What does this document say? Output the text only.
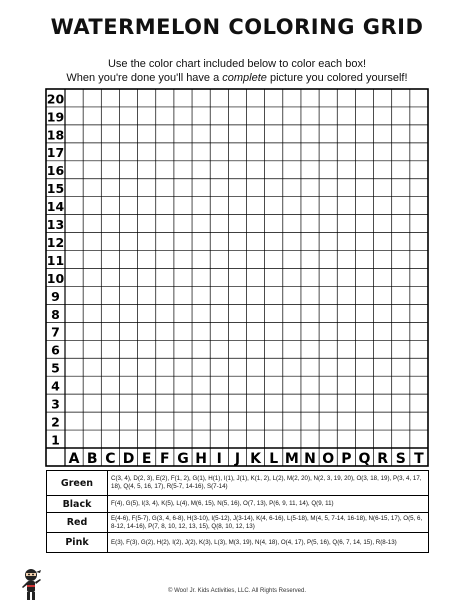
WATERMELON COLORING GRID
Use the color chart included below to color each box!
When you're done you'll have a complete picture you colored yourself!
20
19
18
17
16
15
14
13
12
11
10
9
8
7
6
5
4
3
2
1
A B C D E F G H I J K L M N O P Q R S T
Green	C(3, 4), D(2, 3), E(2), F(1, 2), G(1), H(1), I(1), J(1), K(1, 2), L(2), M(2, 20), N(2, 3, 19, 20), O(3, 18, 19), P(3, 4, 17, 18), Q(4, 5, 16, 17), R(5-7, 14-16), S(7-14)
Black	F(4), G(5), I(3, 4), K(5), L(4), M(6, 15), N(5, 16), O(7, 13), P(6, 9, 11, 14), Q(9, 11)
Red	E(4-6), F(5-7), G(3, 4, 6-8), H(3-10), I(5-12), J(3-14), K(4, 6-16), L(5-18), M(4, 5, 7-14, 16-18), N(6-15, 17), O(5, 6, 8-12, 14-16), P(7, 8, 10, 12, 13, 15), Q(8, 10, 12, 13)
Pink	E(3), F(3), G(2), H(2), I(2), J(2), K(3), L(3), M(3, 19), N(4, 18), O(4, 17), P(5, 16), Q(6, 7, 14, 15), R(8-13)
© Woo! Jr. Kids Activities, LLC. All Rights Reserved.
